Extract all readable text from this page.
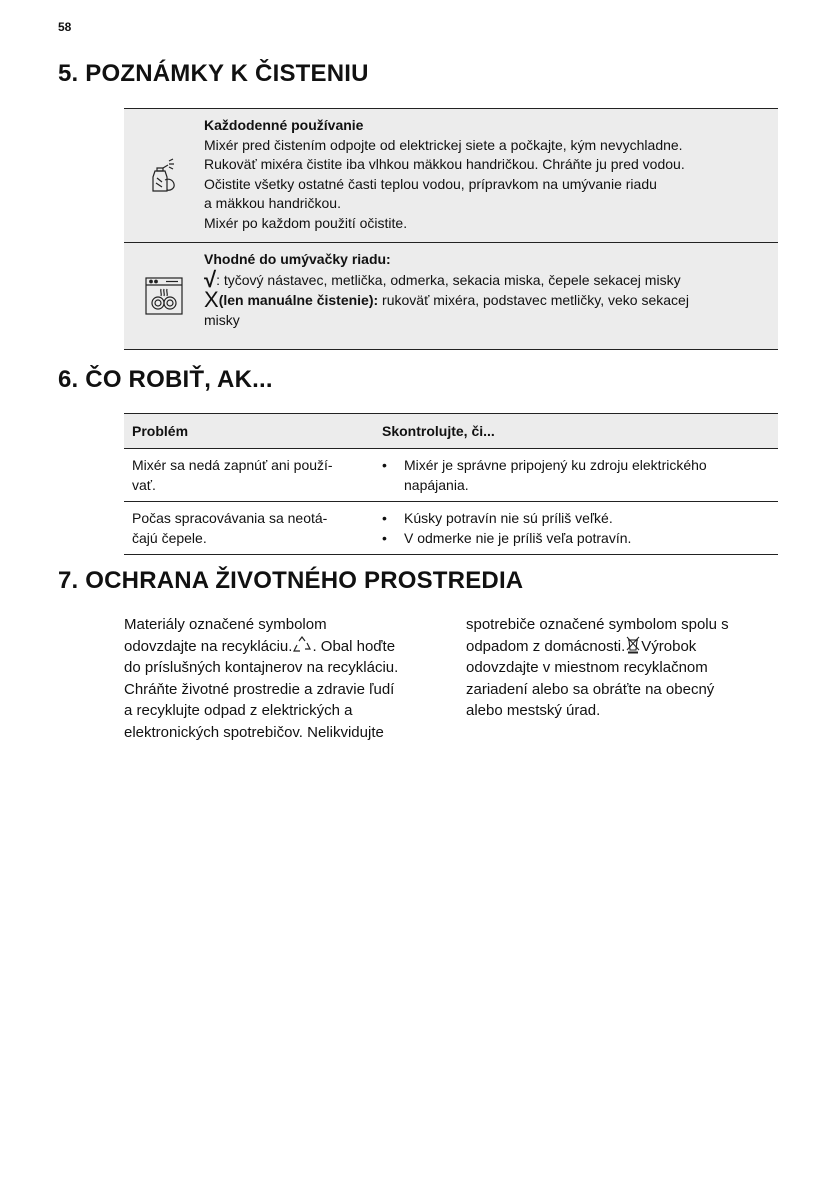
58
5. POZNÁMKY K ČISTENIU
Každodenné používanie
Mixér pred čistením odpojte od elektrickej siete a počkajte, kým nevychladne.
Rukoväť mixéra čistite iba vlhkou mäkkou handričkou. Chráňte ju pred vodou.
Očistite všetky ostatné časti teplou vodou, prípravkom na umývanie riadu
a mäkkou handričkou.
Mixér po každom použití očistite.
Vhodné do umývačky riadu:
√: tyčový nástavec, metlička, odmerka, sekacia miska, čepele sekacej misky
X(len manuálne čistenie): rukoväť mixéra, podstavec metličky, veko sekacej
misky
6. ČO ROBIŤ, AK...
Problém	Skontrolujte, či...
Mixér sa nedá zapnúť ani použí-
vať.
•	Mixér je správne pripojený ku zdroju elektrického napájania.
Počas spracovávania sa neotá-
čajú čepele.
•	Kúsky potravín nie sú príliš veľké.
•	V odmerke nie je príliš veľa potravín.
7. OCHRANA ŽIVOTNÉHO PROSTREDIA
Materiály označené symbolom
odovzdajte na recykláciu. . Obal hoďte
do príslušných kontajnerov na recykláciu.
Chráňte životné prostredie a zdravie ľudí
a recyklujte odpad z elektrických a
elektronických spotrebičov. Nelikvidujte
spotrebiče označené symbolom spolu s
odpadom z domácnosti. Výrobok
odovzdajte v miestnom recyklačnom
zariadení alebo sa obráťte na obecný
alebo mestský úrad.
